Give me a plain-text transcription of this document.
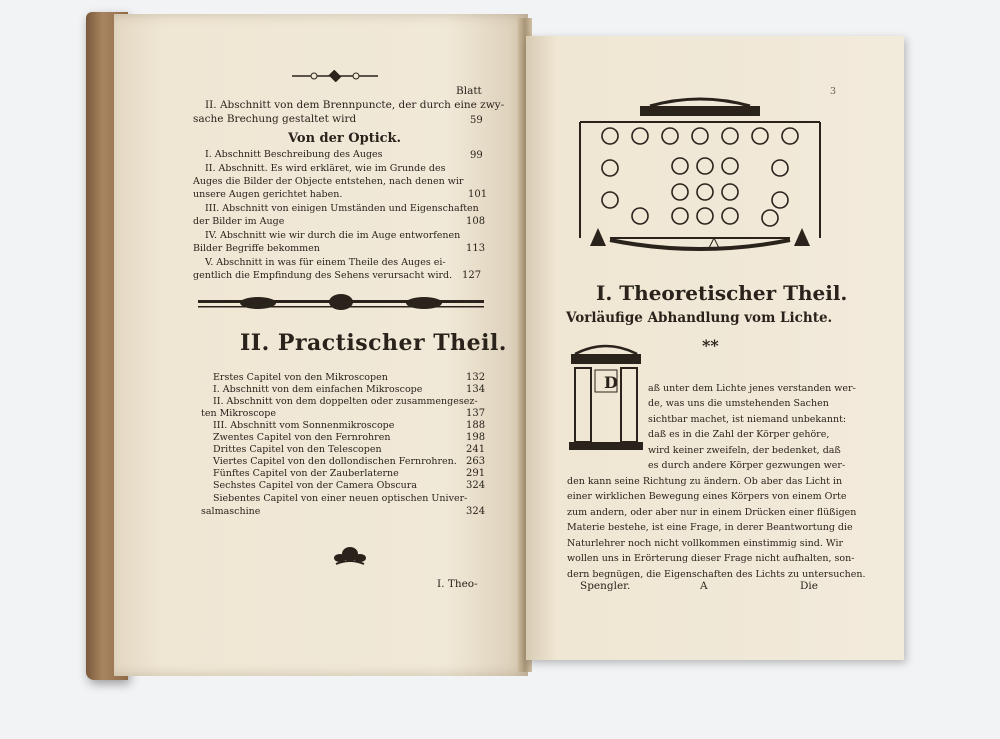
Blatt
II. Abschnitt von dem Brennpuncte, der durch eine zwy-
sache Brechung gestaltet wird	59
Von der Optick.
I. Abschnitt Beschreibung des Auges	99
II. Abschnitt. Es wird erkläret, wie im Grunde des
Auges die Bilder der Objecte entstehen, nach denen wir
unsere Augen gerichtet haben.	101
III. Abschnitt von einigen Umständen und Eigenschaften
der Bilder im Auge	108
IV. Abschnitt wie wir durch die im Auge entworfenen
Bilder Begriffe bekommen	113
V. Abschnitt in was für einem Theile des Auges ei-
gentlich die Empfindung des Sehens verursacht wird. 127
II. Practischer Theil.
Erstes Capitel von den Mikroscopen	132
I. Abschnitt von dem einfachen Mikroscope	134
II. Abschnitt von dem doppelten oder zusammengesez-
ten Mikroscope	137
III. Abschnitt vom Sonnenmikroscope	188
Zwentes Capitel von den Fernrohren	198
Drittes Capitel von den Telescopen	241
Viertes Capitel von den dollondischen Fernrohren. 263
Fünftes Capitel von der Zauberlaterne	291
Sechstes Capitel von der Camera Obscura	324
Siebentes Capitel von einer neuen optischen Univer-
salmaschine	324
I. Theo-
3
I. Theoretischer Theil.
Vorläufige Abhandlung vom Lichte.
**
D	aß unter dem Lichte jenes verstanden wer-
de, was uns die umstehenden Sachen
sichtbar machet, ist niemand unbekannt:
daß es in die Zahl der Körper gehöre,
wird keiner zweifeln, der bedenket, daß
es durch andere Körper gezwungen wer-
den kann seine Richtung zu ändern. Ob aber das Licht in
einer wirklichen Bewegung eines Körpers von einem Orte
zum andern, oder aber nur in einem Drücken einer flüßigen
Materie bestehe, ist eine Frage, in derer Beantwortung die
Naturlehrer noch nicht vollkommen einstimmig sind. Wir
wollen uns in Erörterung dieser Frage nicht aufhalten, son-
dern begnügen, die Eigenschaften des Lichts zu untersuchen.
Spengler.	A	Die
